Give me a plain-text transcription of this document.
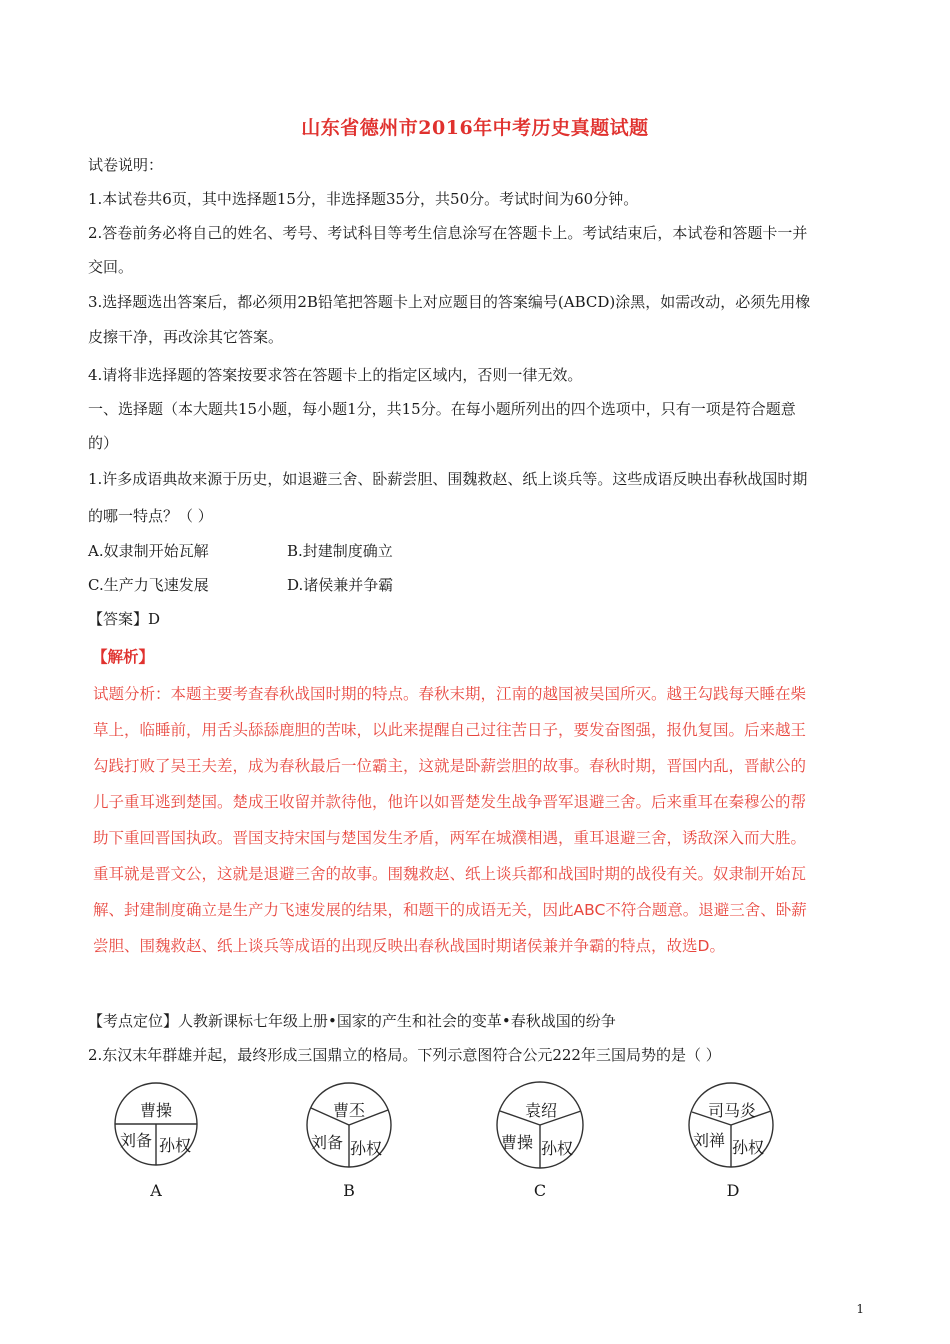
山东省德州市2016年中考历史真题试题
试卷说明：
1.本试卷共6页，其中选择题15分，非选择题35分，共50分。考试时间为60分钟。
2.答卷前务必将自己的姓名、考号、考试科目等考生信息涂写在答题卡上。考试结束后，本试卷和答题卡一并
交回。
3.选择题选出答案后，都必须用2B铅笔把答题卡上对应题目的答案编号(ABCD)涂黑，如需改动，必须先用橡
皮擦干净，再改涂其它答案。
4.请将非选择题的答案按要求答在答题卡上的指定区域内，否则一律无效。
一、选择题（本大题共15小题，每小题1分，共15分。在每小题所列出的四个选项中，只有一项是符合题意
的）
1.许多成语典故来源于历史，如退避三舍、卧薪尝胆、围魏救赵、纸上谈兵等。这些成语反映出春秋战国时期
的哪一特点？（ ）
A.奴隶制开始瓦解	B.封建制度确立
C.生产力飞速发展	D.诸侯兼并争霸
【答案】D
【解析】
试题分析：本题主要考查春秋战国时期的特点。春秋末期，江南的越国被吴国所灭。越王勾践每天睡在柴
草上，临睡前，用舌头舔舔鹿胆的苦味，以此来提醒自己过往苦日子，要发奋图强，报仇复国。后来越王
勾践打败了吴王夫差，成为春秋最后一位霸主，这就是卧薪尝胆的故事。春秋时期，晋国内乱，晋献公的
儿子重耳逃到楚国。楚成王收留并款待他，他许以如晋楚发生战争晋军退避三舍。后来重耳在秦穆公的帮
助下重回晋国执政。晋国支持宋国与楚国发生矛盾，两军在城濮相遇，重耳退避三舍，诱敌深入而大胜。
重耳就是晋文公，这就是退避三舍的故事。围魏救赵、纸上谈兵都和战国时期的战役有关。奴隶制开始瓦
解、封建制度确立是生产力飞速发展的结果，和题干的成语无关，因此ABC不符合题意。退避三舍、卧薪
尝胆、围魏救赵、纸上谈兵等成语的出现反映出春秋战国时期诸侯兼并争霸的特点，故选D。
【考点定位】人教新课标七年级上册•国家的产生和社会的变革•春秋战国的纷争
2.东汉末年群雄并起，最终形成三国鼎立的格局。下列示意图符合公元222年三国局势的是（ ）
曹操
刘备 孙权
A
曹丕
刘备 孙权
B
袁绍
曹操 孙权
C
司马炎
刘禅 孙权
D
1
